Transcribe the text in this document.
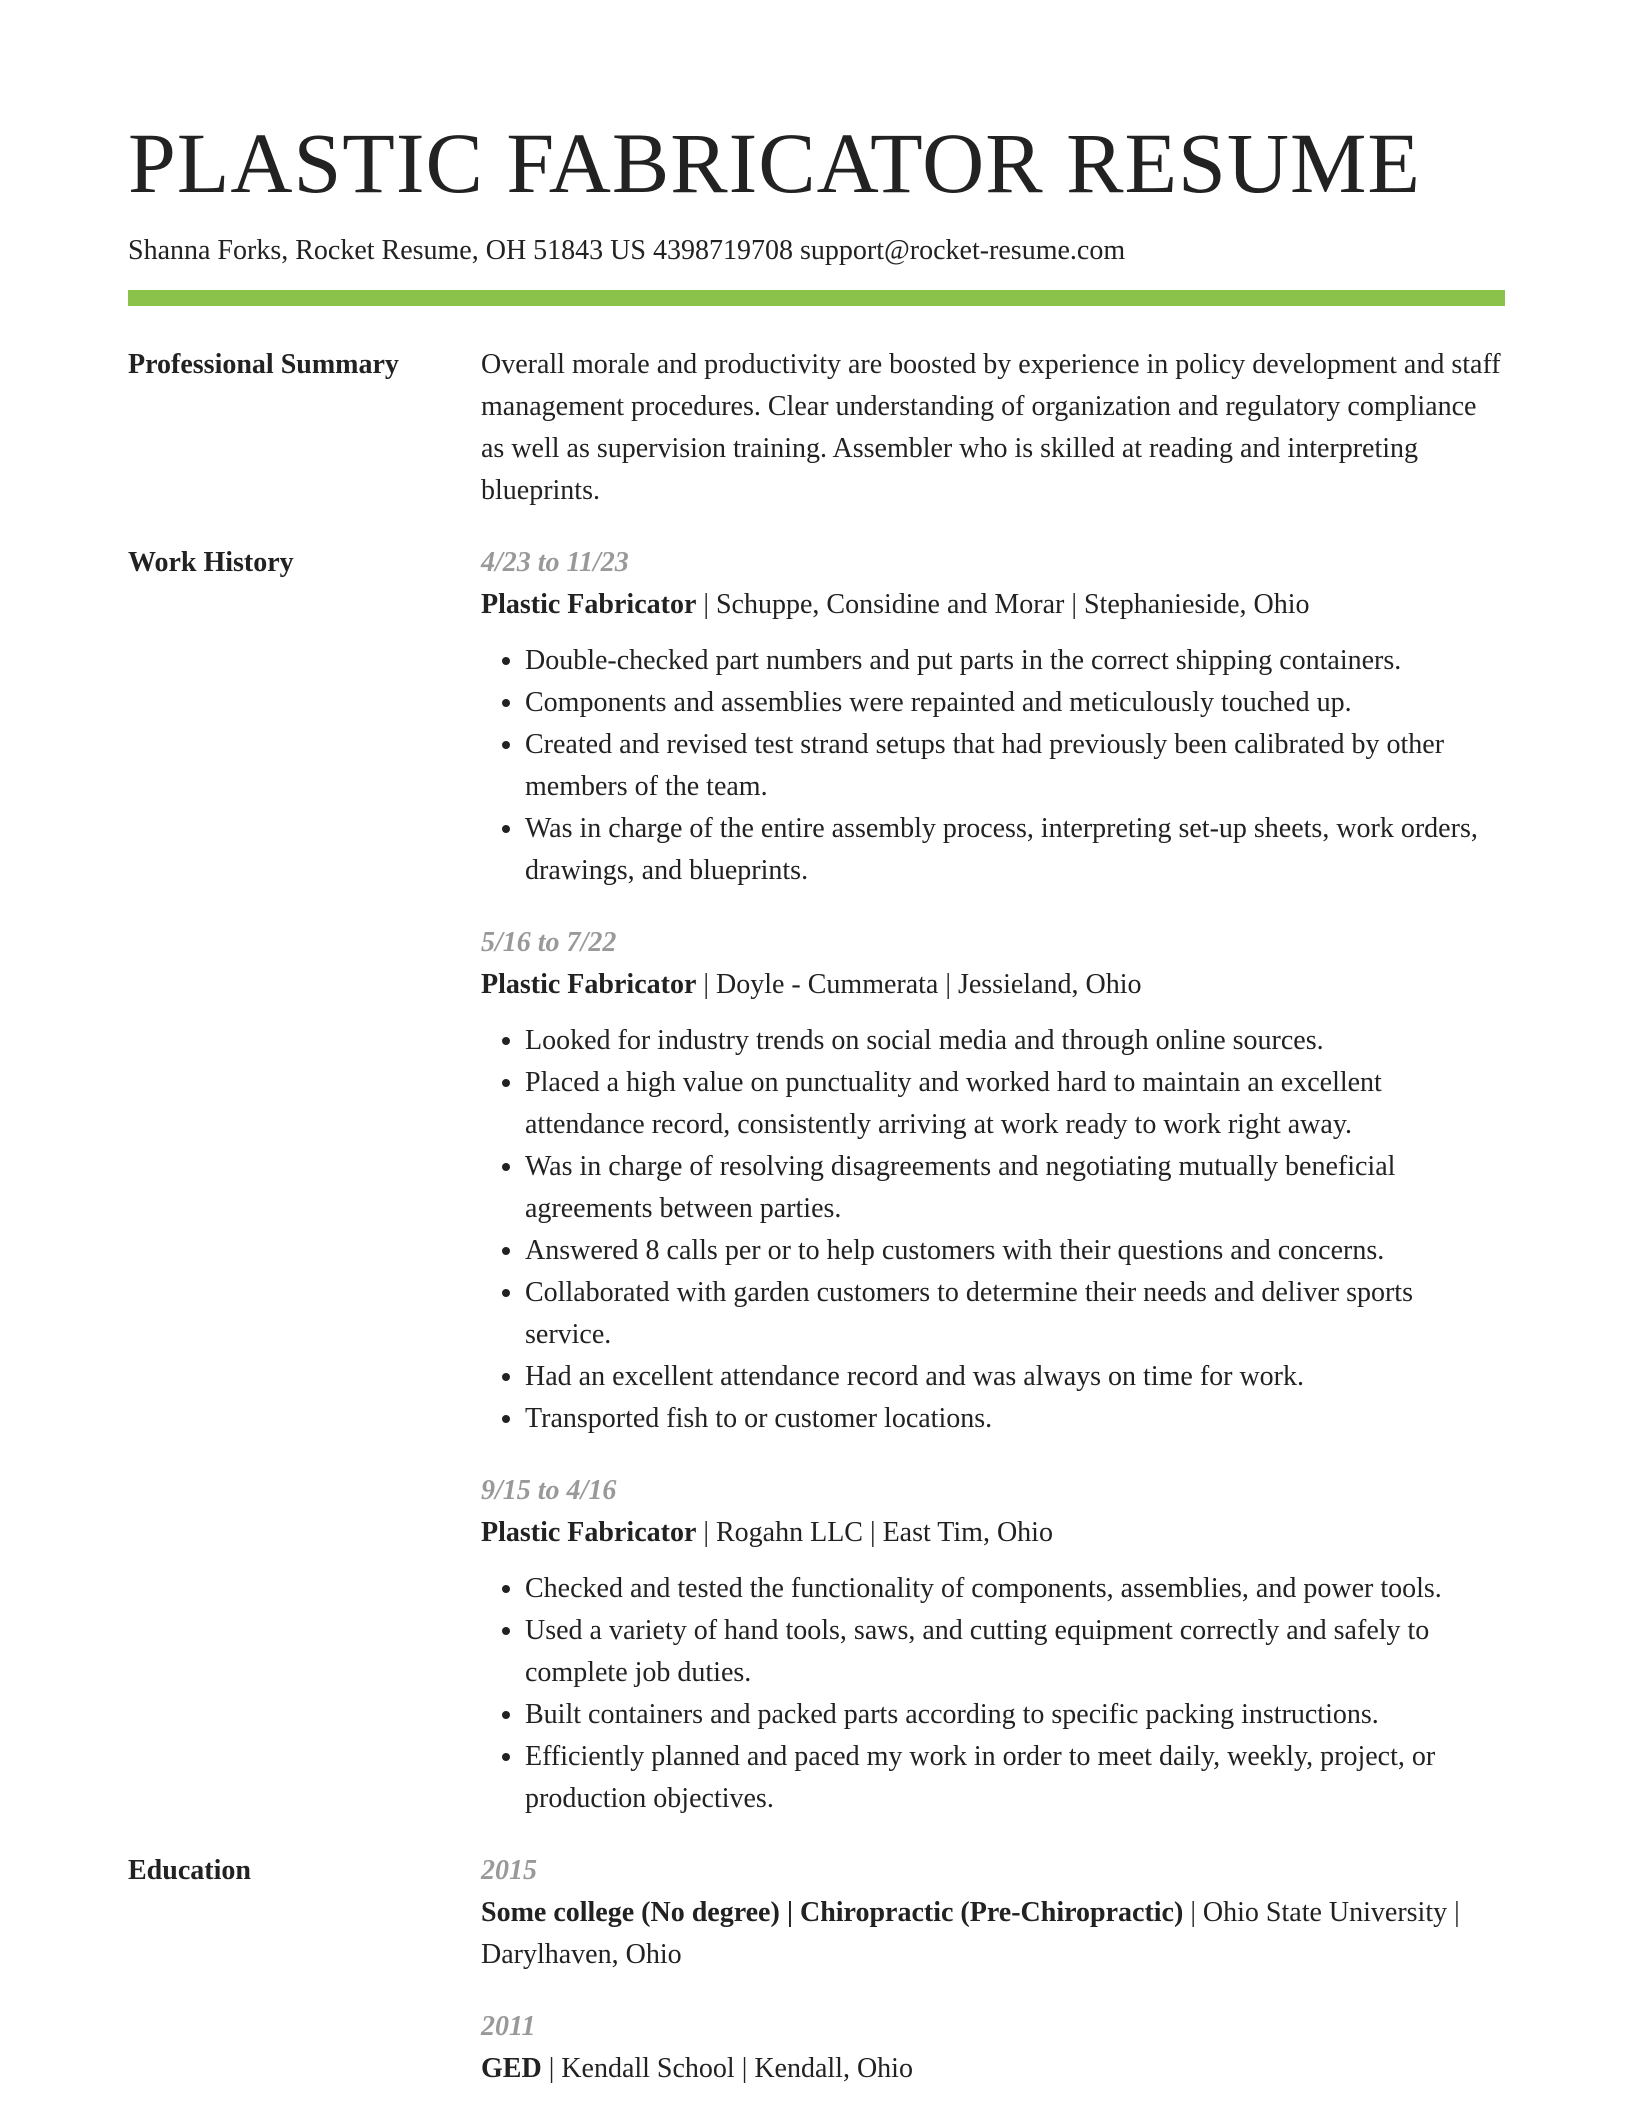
PLASTIC FABRICATOR RESUME
Shanna Forks, Rocket Resume, OH 51843 US 4398719708 support@rocket-resume.com
Professional Summary	Overall morale and productivity are boosted by experience in policy development and staff management procedures. Clear understanding of organization and regulatory compliance as well as supervision training. Assembler who is skilled at reading and interpreting blueprints.

Work History	4/23 to 11/23
Plastic Fabricator | Schuppe, Considine and Morar | Stephanieside, Ohio
• Double-checked part numbers and put parts in the correct shipping containers.
• Components and assemblies were repainted and meticulously touched up.
• Created and revised test strand setups that had previously been calibrated by other members of the team.
• Was in charge of the entire assembly process, interpreting set-up sheets, work orders, drawings, and blueprints.
5/16 to 7/22
Plastic Fabricator | Doyle - Cummerata | Jessieland, Ohio
• Looked for industry trends on social media and through online sources.
• Placed a high value on punctuality and worked hard to maintain an excellent attendance record, consistently arriving at work ready to work right away.
• Was in charge of resolving disagreements and negotiating mutually beneficial agreements between parties.
• Answered 8 calls per or to help customers with their questions and concerns.
• Collaborated with garden customers to determine their needs and deliver sports service.
• Had an excellent attendance record and was always on time for work.
• Transported fish to or customer locations.
9/15 to 4/16
Plastic Fabricator | Rogahn LLC | East Tim, Ohio
• Checked and tested the functionality of components, assemblies, and power tools.
• Used a variety of hand tools, saws, and cutting equipment correctly and safely to complete job duties.
• Built containers and packed parts according to specific packing instructions.
• Efficiently planned and paced my work in order to meet daily, weekly, project, or production objectives.
Education	2015
Some college (No degree) | Chiropractic (Pre-Chiropractic) | Ohio State University | Darylhaven, Ohio
2011
GED | Kendall School | Kendall, Ohio
